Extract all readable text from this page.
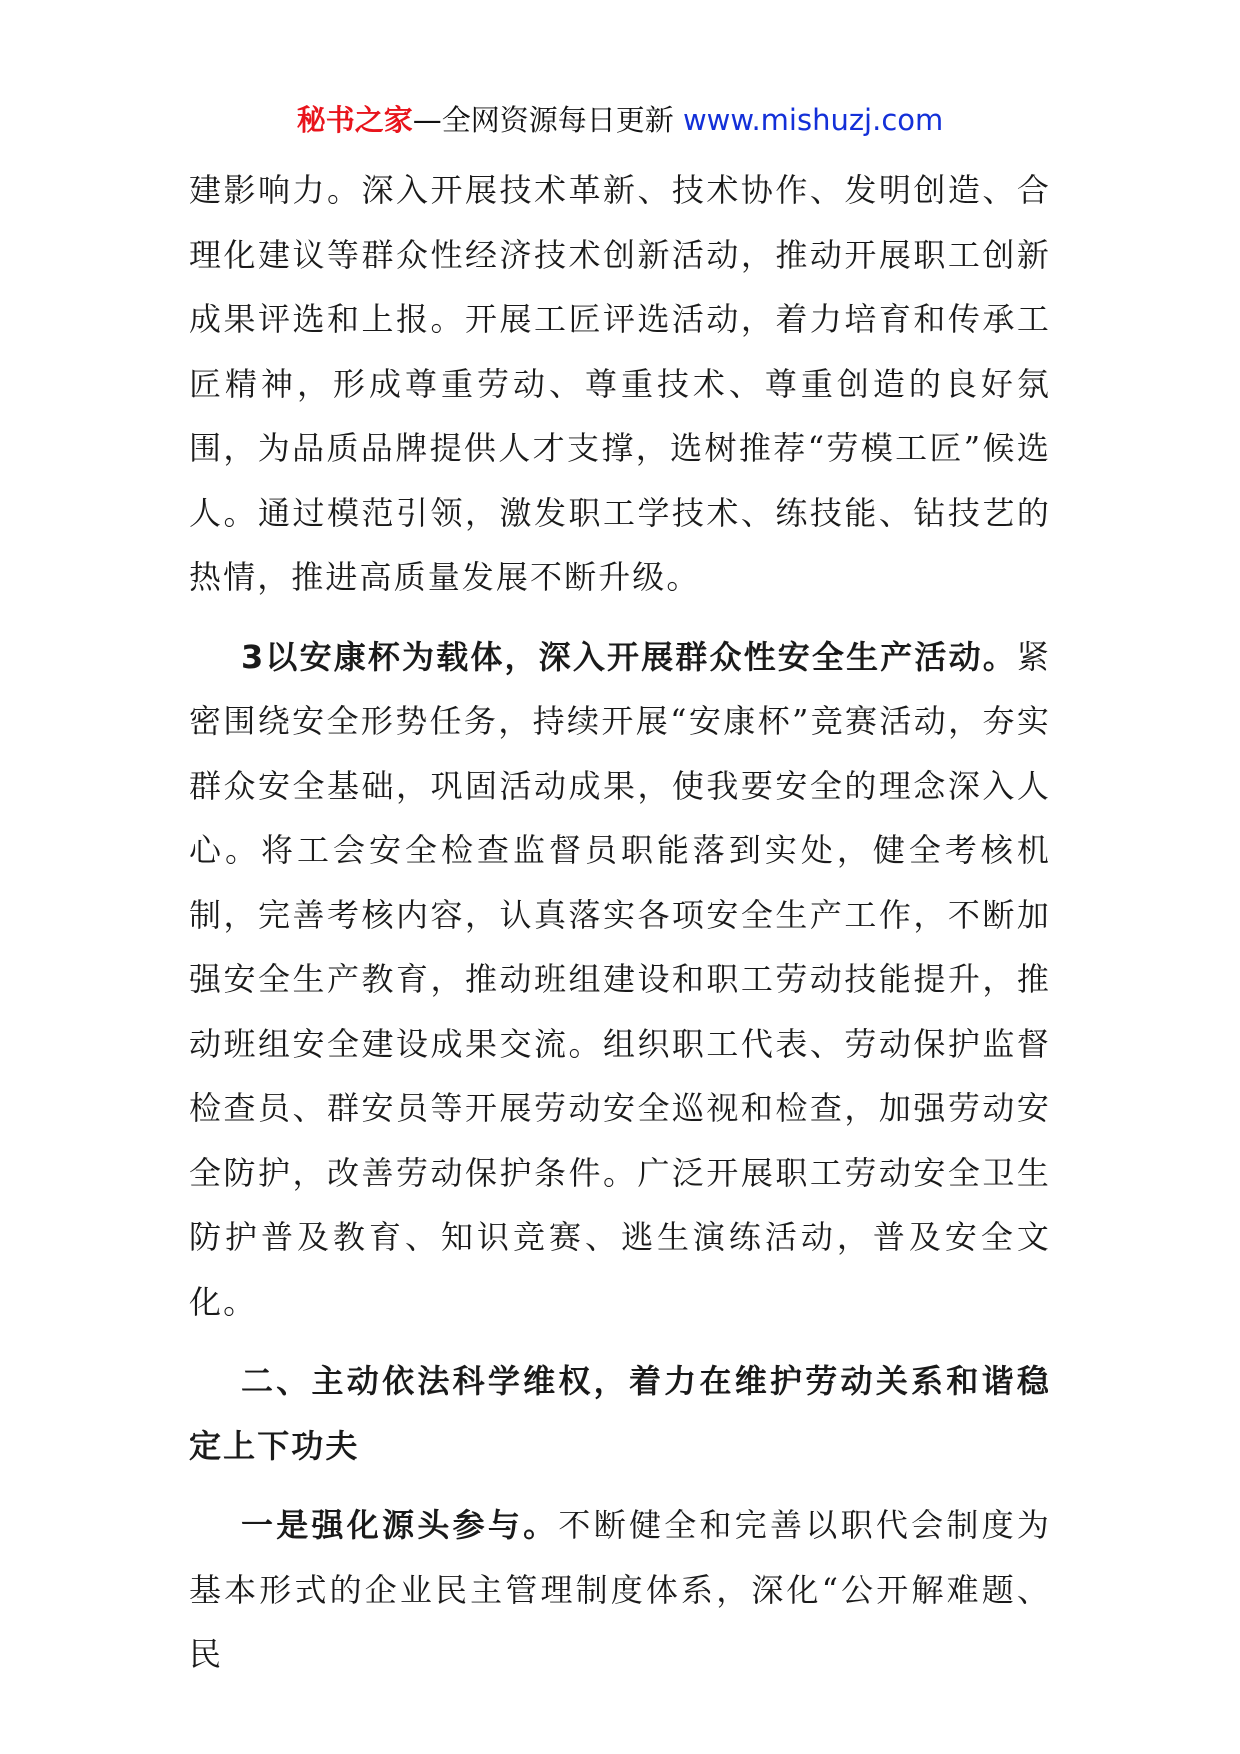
秘书之家—全网资源每日更新 www.mishuzj.com

建影响力。深入开展技术革新、技术协作、发明创造、合理化建议等群众性经济技术创新活动，推动开展职工创新成果评选和上报。开展工匠评选活动，着力培育和传承工匠精神，形成尊重劳动、尊重技术、尊重创造的良好氛围，为品质品牌提供人才支撑，选树推荐“劳模工匠”候选人。通过模范引领，激发职工学技术、练技能、钻技艺的热情，推进高质量发展不断升级。

3以安康杯为载体，深入开展群众性安全生产活动。紧密围绕安全形势任务，持续开展“安康杯”竞赛活动，夯实群众安全基础，巩固活动成果，使我要安全的理念深入人心。将工会安全检查监督员职能落到实处，健全考核机制，完善考核内容，认真落实各项安全生产工作，不断加强安全生产教育，推动班组建设和职工劳动技能提升，推动班组安全建设成果交流。组织职工代表、劳动保护监督检查员、群安员等开展劳动安全巡视和检查，加强劳动安全防护，改善劳动保护条件。广泛开展职工劳动安全卫生防护普及教育、知识竞赛、逃生演练活动，普及安全文化。

二、主动依法科学维权，着力在维护劳动关系和谐稳定上下功夫

一是强化源头参与。不断健全和完善以职代会制度为基本形式的企业民主管理制度体系，深化“公开解难题、民
